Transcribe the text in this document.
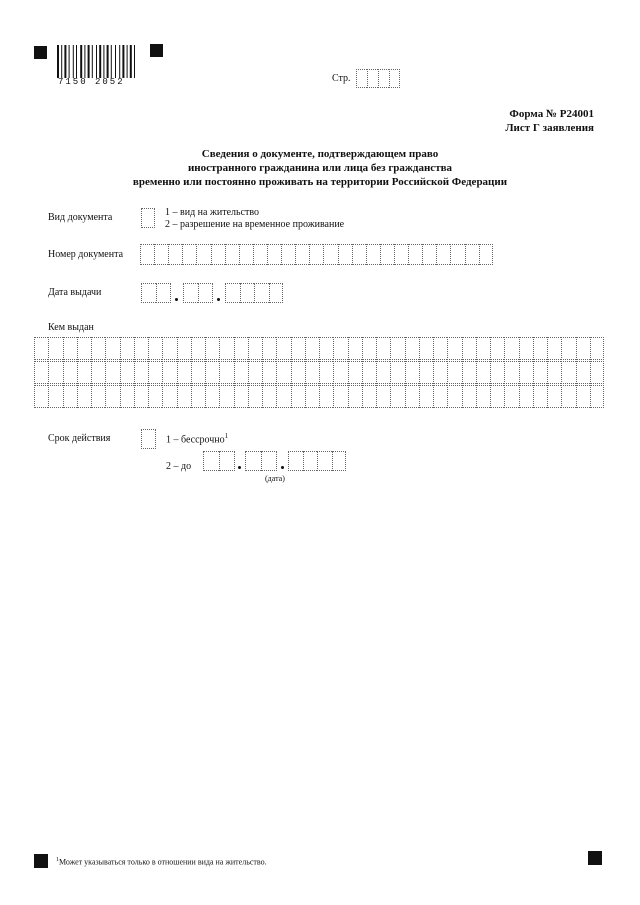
7150 2052	Стр.
Форма № Р24001
Лист Г заявления
Сведения о документе, подтверждающем право
иностранного гражданина или лица без гражданства
временно или постоянно проживать на территории Российской Федерации
Вид документа	1 – вид на жительство
2 – разрешение на временное проживание
Номер документа
Дата выдачи
Кем выдан
Срок действия	1 – бессрочно$^1$
2 – до
(дата)
$^1$Может указываться только в отношении вида на жительство.
